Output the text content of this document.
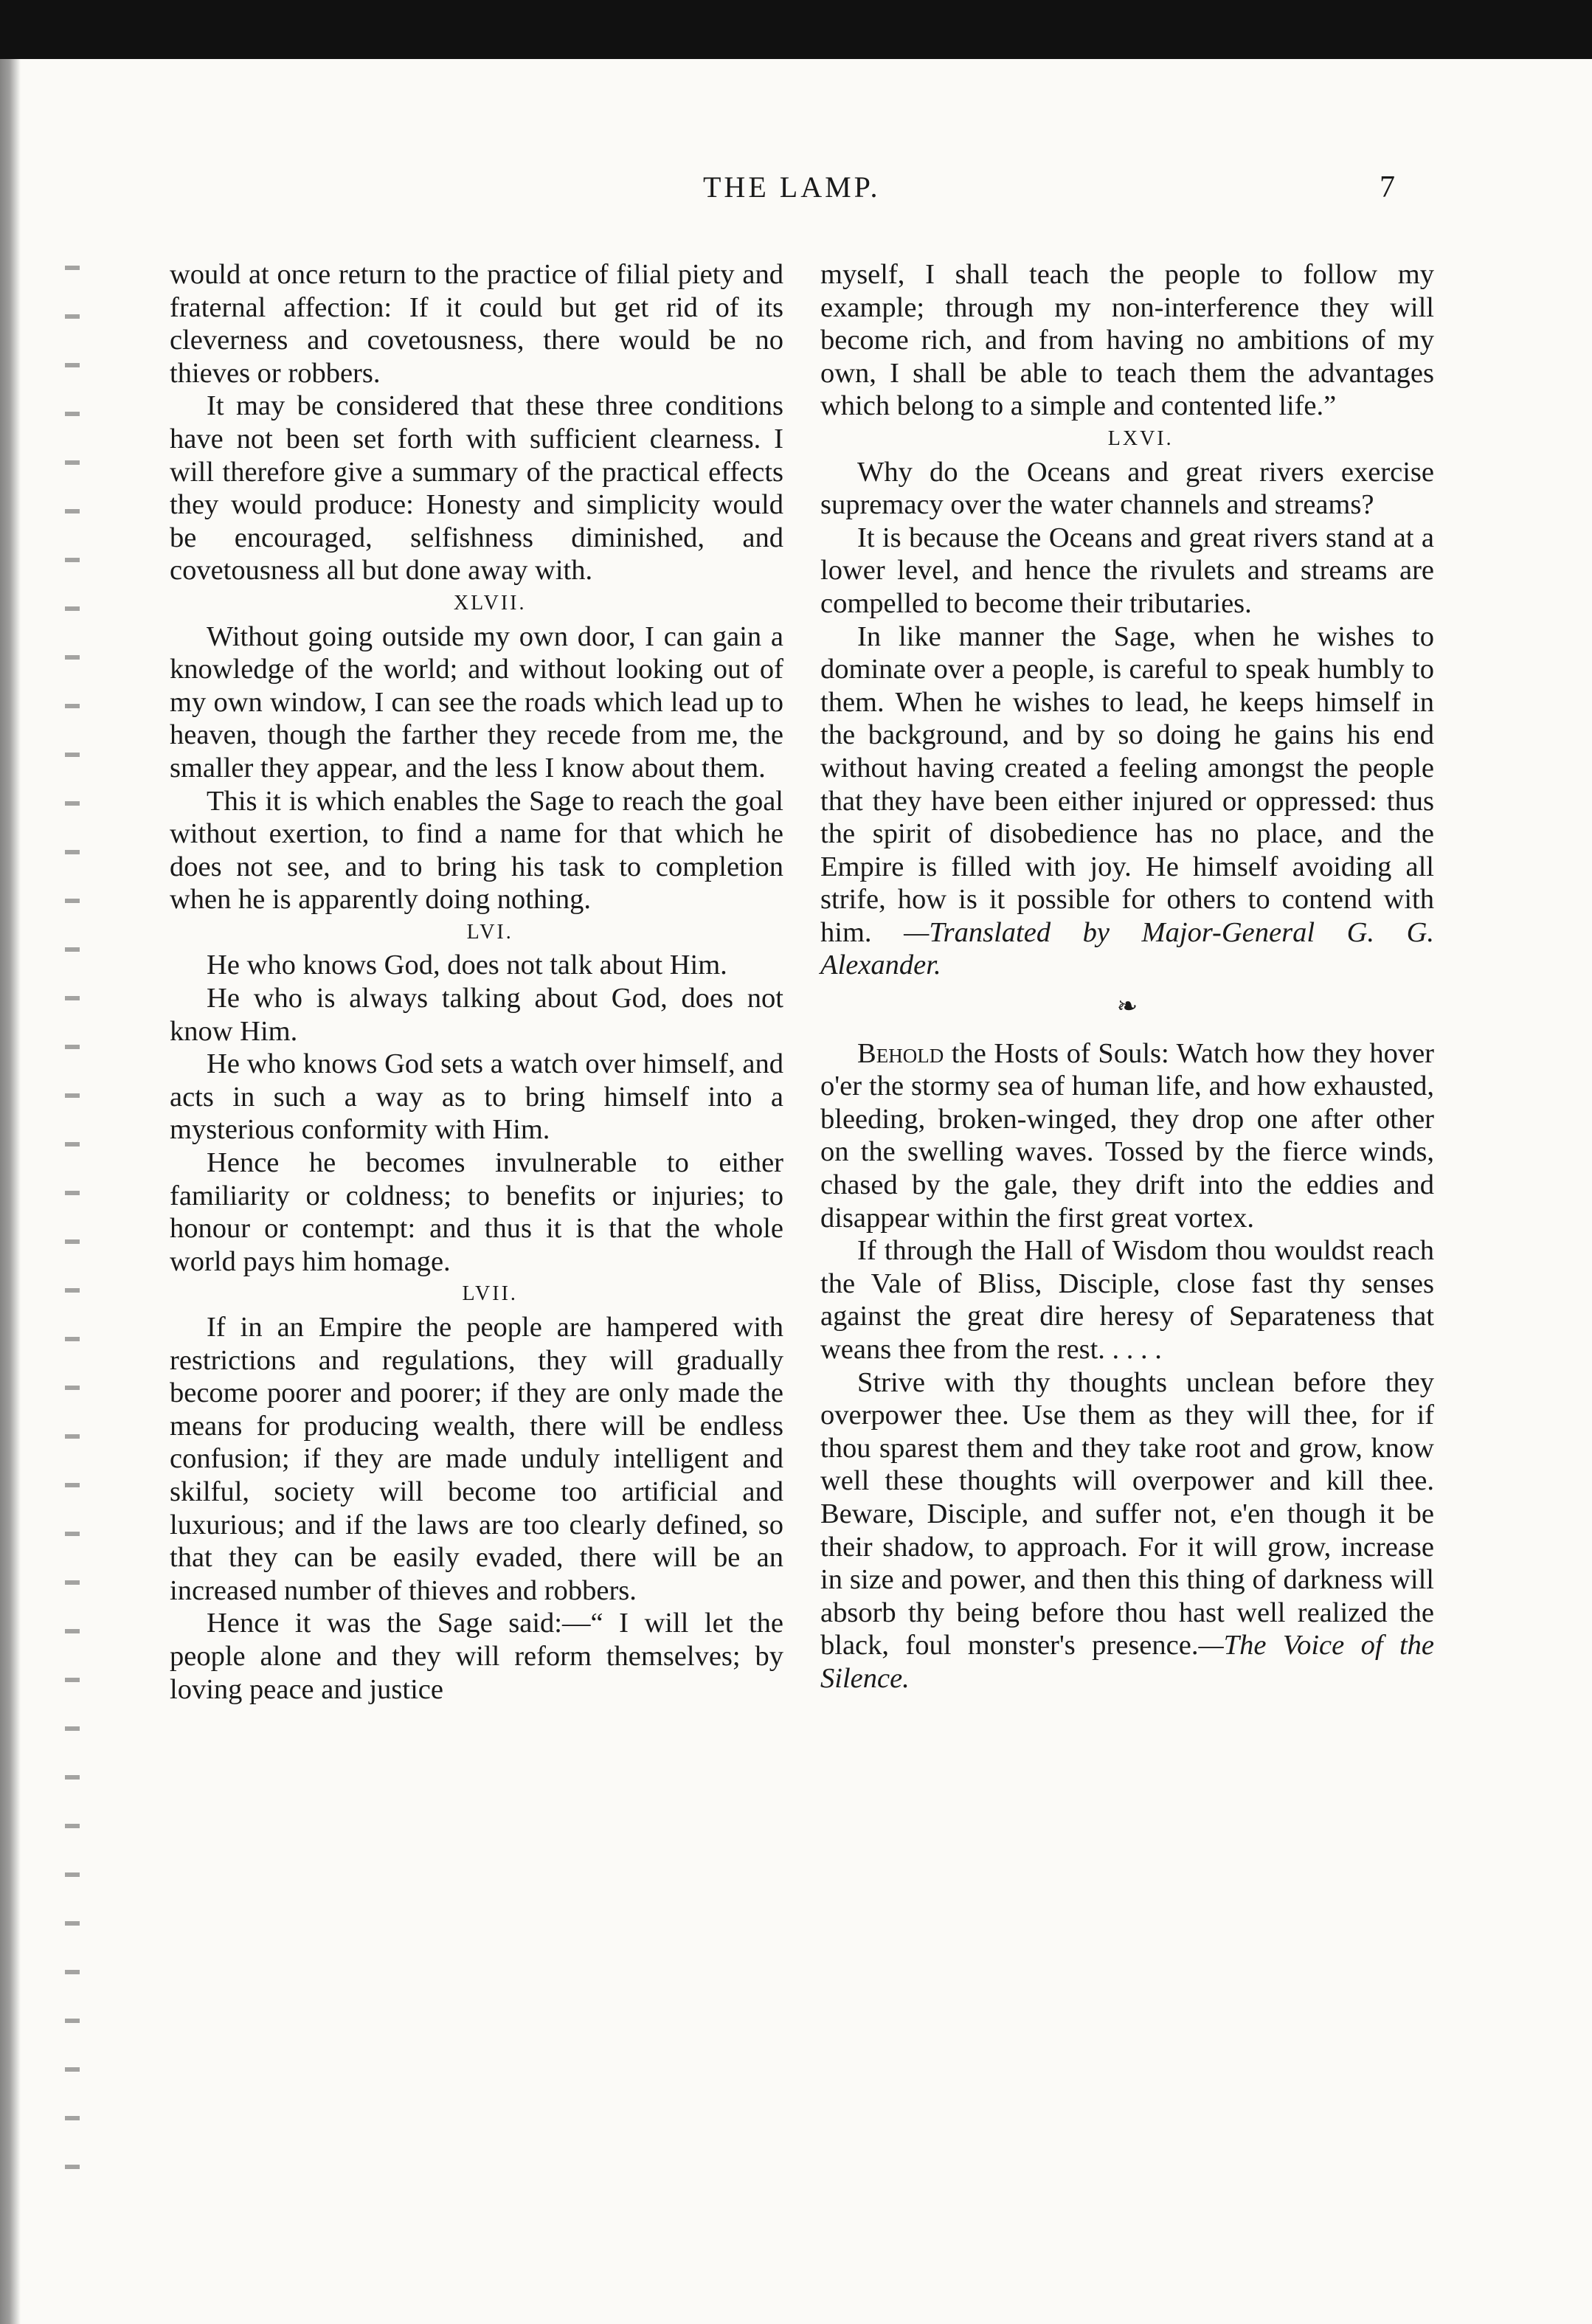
THE LAMP.	7

would at once return to the practice of filial piety and fraternal affection: If it could but get rid of its cleverness and covetousness, there would be no thieves or robbers.

It may be considered that these three conditions have not been set forth with sufficient clearness. I will therefore give a summary of the practical effects they would produce: Honesty and simplicity would be encouraged, selfishness diminished, and covetousness all but done away with.

XLVII.

Without going outside my own door, I can gain a knowledge of the world; and without looking out of my own window, I can see the roads which lead up to heaven, though the farther they recede from me, the smaller they appear, and the less I know about them.

This it is which enables the Sage to reach the goal without exertion, to find a name for that which he does not see, and to bring his task to completion when he is apparently doing nothing.

LVI.

He who knows God, does not talk about Him.

He who is always talking about God, does not know Him.

He who knows God sets a watch over himself, and acts in such a way as to bring himself into a mysterious conformity with Him.

Hence he becomes invulnerable to either familiarity or coldness; to benefits or injuries; to honour or contempt: and thus it is that the whole world pays him homage.

LVII.

If in an Empire the people are hampered with restrictions and regulations, they will gradually become poorer and poorer; if they are only made the means for producing wealth, there will be endless confusion; if they are made unduly intelligent and skilful, society will become too artificial and luxurious; and if the laws are too clearly defined, so that they can be easily evaded, there will be an increased number of thieves and robbers.

Hence it was the Sage said:—“ I will let the people alone and they will reform themselves; by loving peace and justice

myself, I shall teach the people to follow my example; through my non-interference they will become rich, and from having no ambitions of my own, I shall be able to teach them the advantages which belong to a simple and contented life.”

LXVI.

Why do the Oceans and great rivers exercise supremacy over the water channels and streams?

It is because the Oceans and great rivers stand at a lower level, and hence the rivulets and streams are compelled to become their tributaries.

In like manner the Sage, when he wishes to dominate over a people, is careful to speak humbly to them. When he wishes to lead, he keeps himself in the background, and by so doing he gains his end without having created a feeling amongst the people that they have been either injured or oppressed: thus the spirit of disobedience has no place, and the Empire is filled with joy. He himself avoiding all strife, how is it possible for others to contend with him. —Translated by Major-General G. G. Alexander.

❧

Behold the Hosts of Souls: Watch how they hover o'er the stormy sea of human life, and how exhausted, bleeding, broken-winged, they drop one after other on the swelling waves. Tossed by the fierce winds, chased by the gale, they drift into the eddies and disappear within the first great vortex.

If through the Hall of Wisdom thou wouldst reach the Vale of Bliss, Disciple, close fast thy senses against the great dire heresy of Separateness that weans thee from the rest. . . . .

Strive with thy thoughts unclean before they overpower thee. Use them as they will thee, for if thou sparest them and they take root and grow, know well these thoughts will overpower and kill thee. Beware, Disciple, and suffer not, e'en though it be their shadow, to approach. For it will grow, increase in size and power, and then this thing of darkness will absorb thy being before thou hast well realized the black, foul monster's presence.—The Voice of the Silence.
